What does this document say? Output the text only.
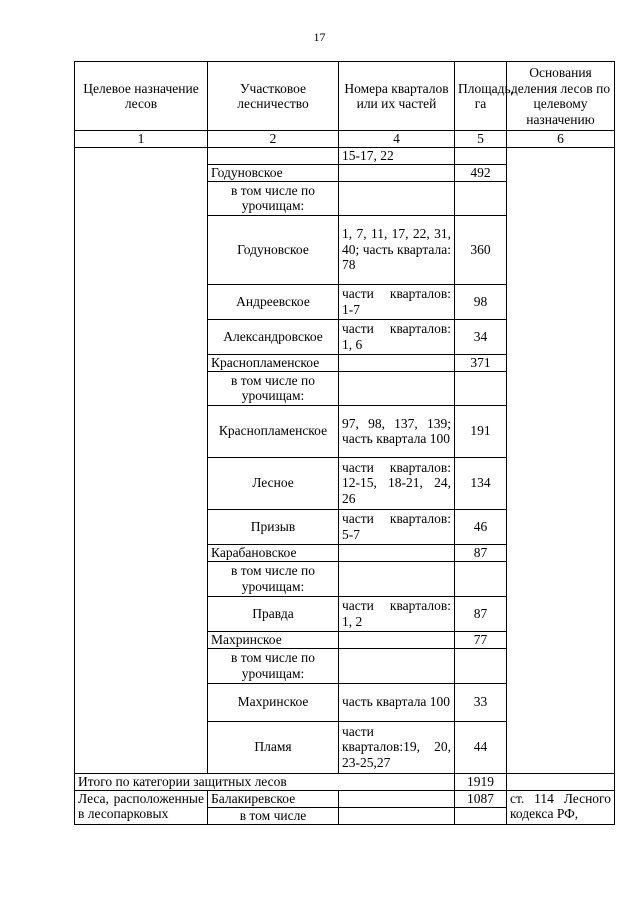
17
Целевое назначение лесов	Участковое лесничество	Номера кварталов или их частей	Площадь, га	Основания деления лесов по целевому назначению
1	2	4	5	6
		15-17, 22		
	Годуновское		492	
	в том числе по урочищам:			
	Годуновское	1, 7, 11, 17, 22, 31, 40; часть квартала: 78	360	
	Андреевское	части кварталов: 1-7	98	
	Александровское	части кварталов: 1, 6	34	
	Краснопламенское		371	
	в том числе по урочищам:			
	Краснопламенское	97, 98, 137, 139; часть квартала 100	191	
	Лесное	части кварталов: 12-15, 18-21, 24, 26	134	
	Призыв	части кварталов: 5-7	46	
	Карабановское		87	
	в том числе по урочищам:			
	Правда	части кварталов: 1, 2	87	
	Махринское		77	
	в том числе по урочищам:			
	Махринское	часть квартала 100	33	
	Пламя	части кварталов:19, 20, 23-25,27	44	
Итого по категории защитных лесов			1919	
Леса, расположенные в лесопарковых	Балакиревское		1087	ст. 114 Лесного кодекса РФ,
	в том числе			
